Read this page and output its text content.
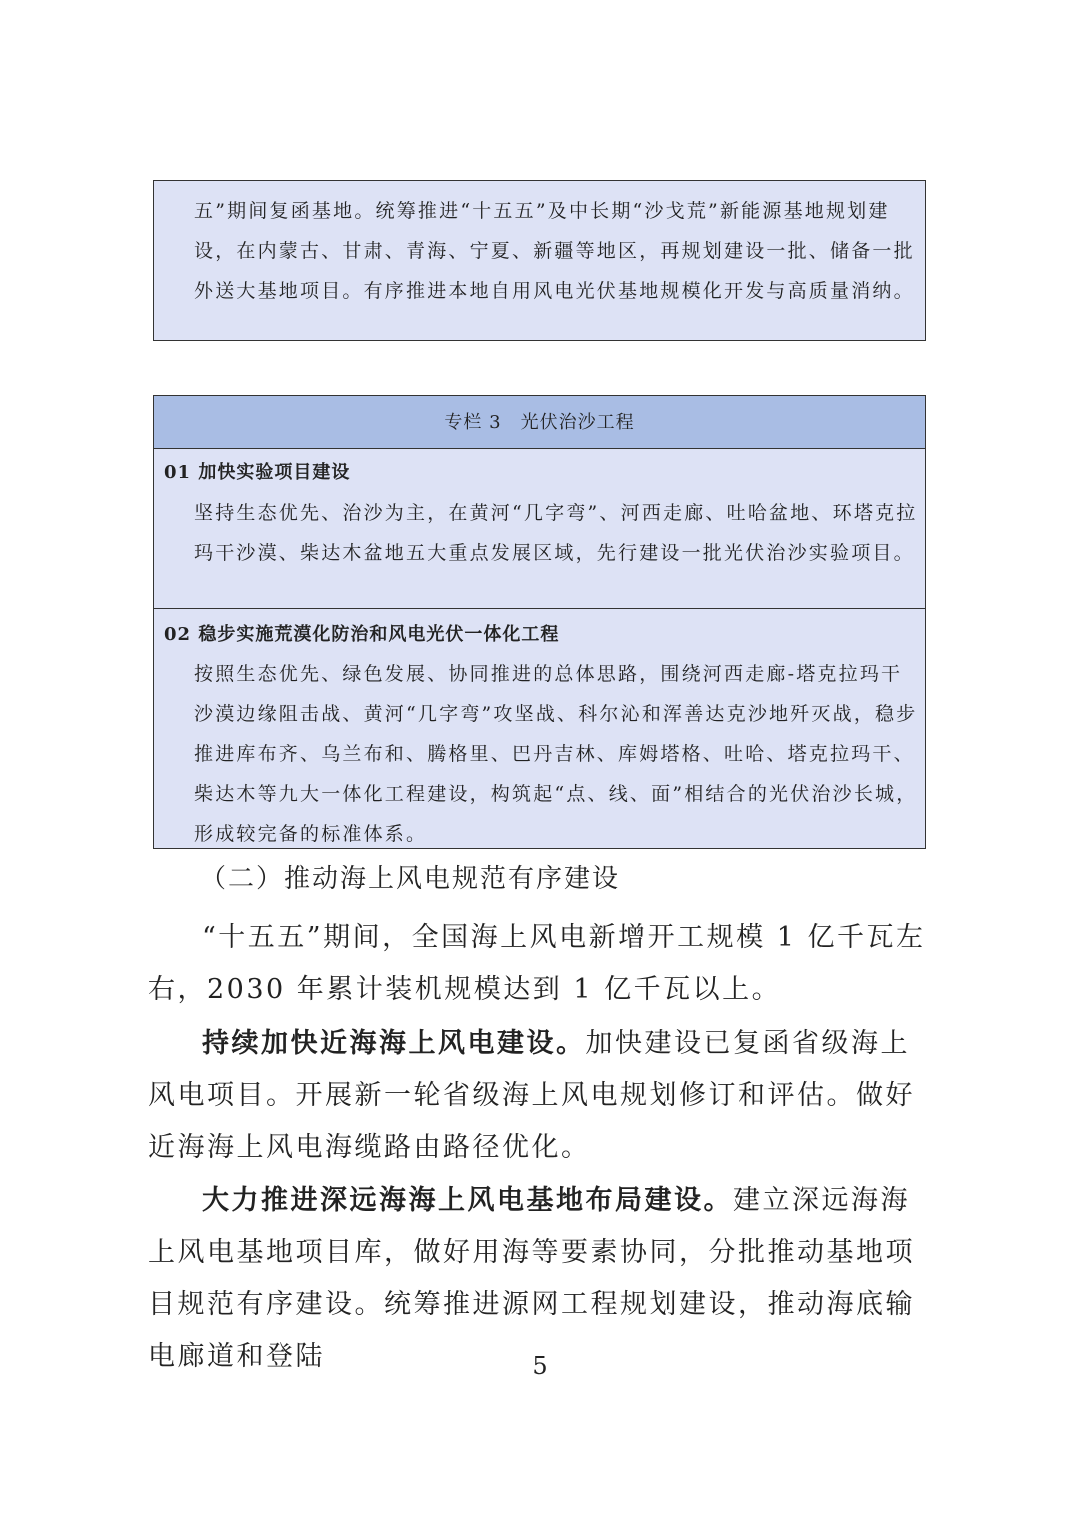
五”期间复函基地。统筹推进“十五五”及中长期“沙戈荒”新能源基地规划建设，在内蒙古、甘肃、青海、宁夏、新疆等地区，再规划建设一批、储备一批外送大基地项目。有序推进本地自用风电光伏基地规模化开发与高质量消纳。
专栏 3　光伏治沙工程
01 加快实验项目建设
坚持生态优先、治沙为主，在黄河“几字弯”、河西走廊、吐哈盆地、环塔克拉玛干沙漠、柴达木盆地五大重点发展区域，先行建设一批光伏治沙实验项目。
02 稳步实施荒漠化防治和风电光伏一体化工程
按照生态优先、绿色发展、协同推进的总体思路，围绕河西走廊-塔克拉玛干沙漠边缘阻击战、黄河“几字弯”攻坚战、科尔沁和浑善达克沙地歼灭战，稳步推进库布齐、乌兰布和、腾格里、巴丹吉林、库姆塔格、吐哈、塔克拉玛干、柴达木等九大一体化工程建设，构筑起“点、线、面”相结合的光伏治沙长城，形成较完备的标准体系。
（二）推动海上风电规范有序建设
“十五五”期间，全国海上风电新增开工规模 1 亿千瓦左右，2030 年累计装机规模达到 1 亿千瓦以上。
持续加快近海海上风电建设。加快建设已复函省级海上风电项目。开展新一轮省级海上风电规划修订和评估。做好近海海上风电海缆路由路径优化。
大力推进深远海海上风电基地布局建设。建立深远海海上风电基地项目库，做好用海等要素协同，分批推动基地项目规范有序建设。统筹推进源网工程规划建设，推动海底输电廊道和登陆	5
